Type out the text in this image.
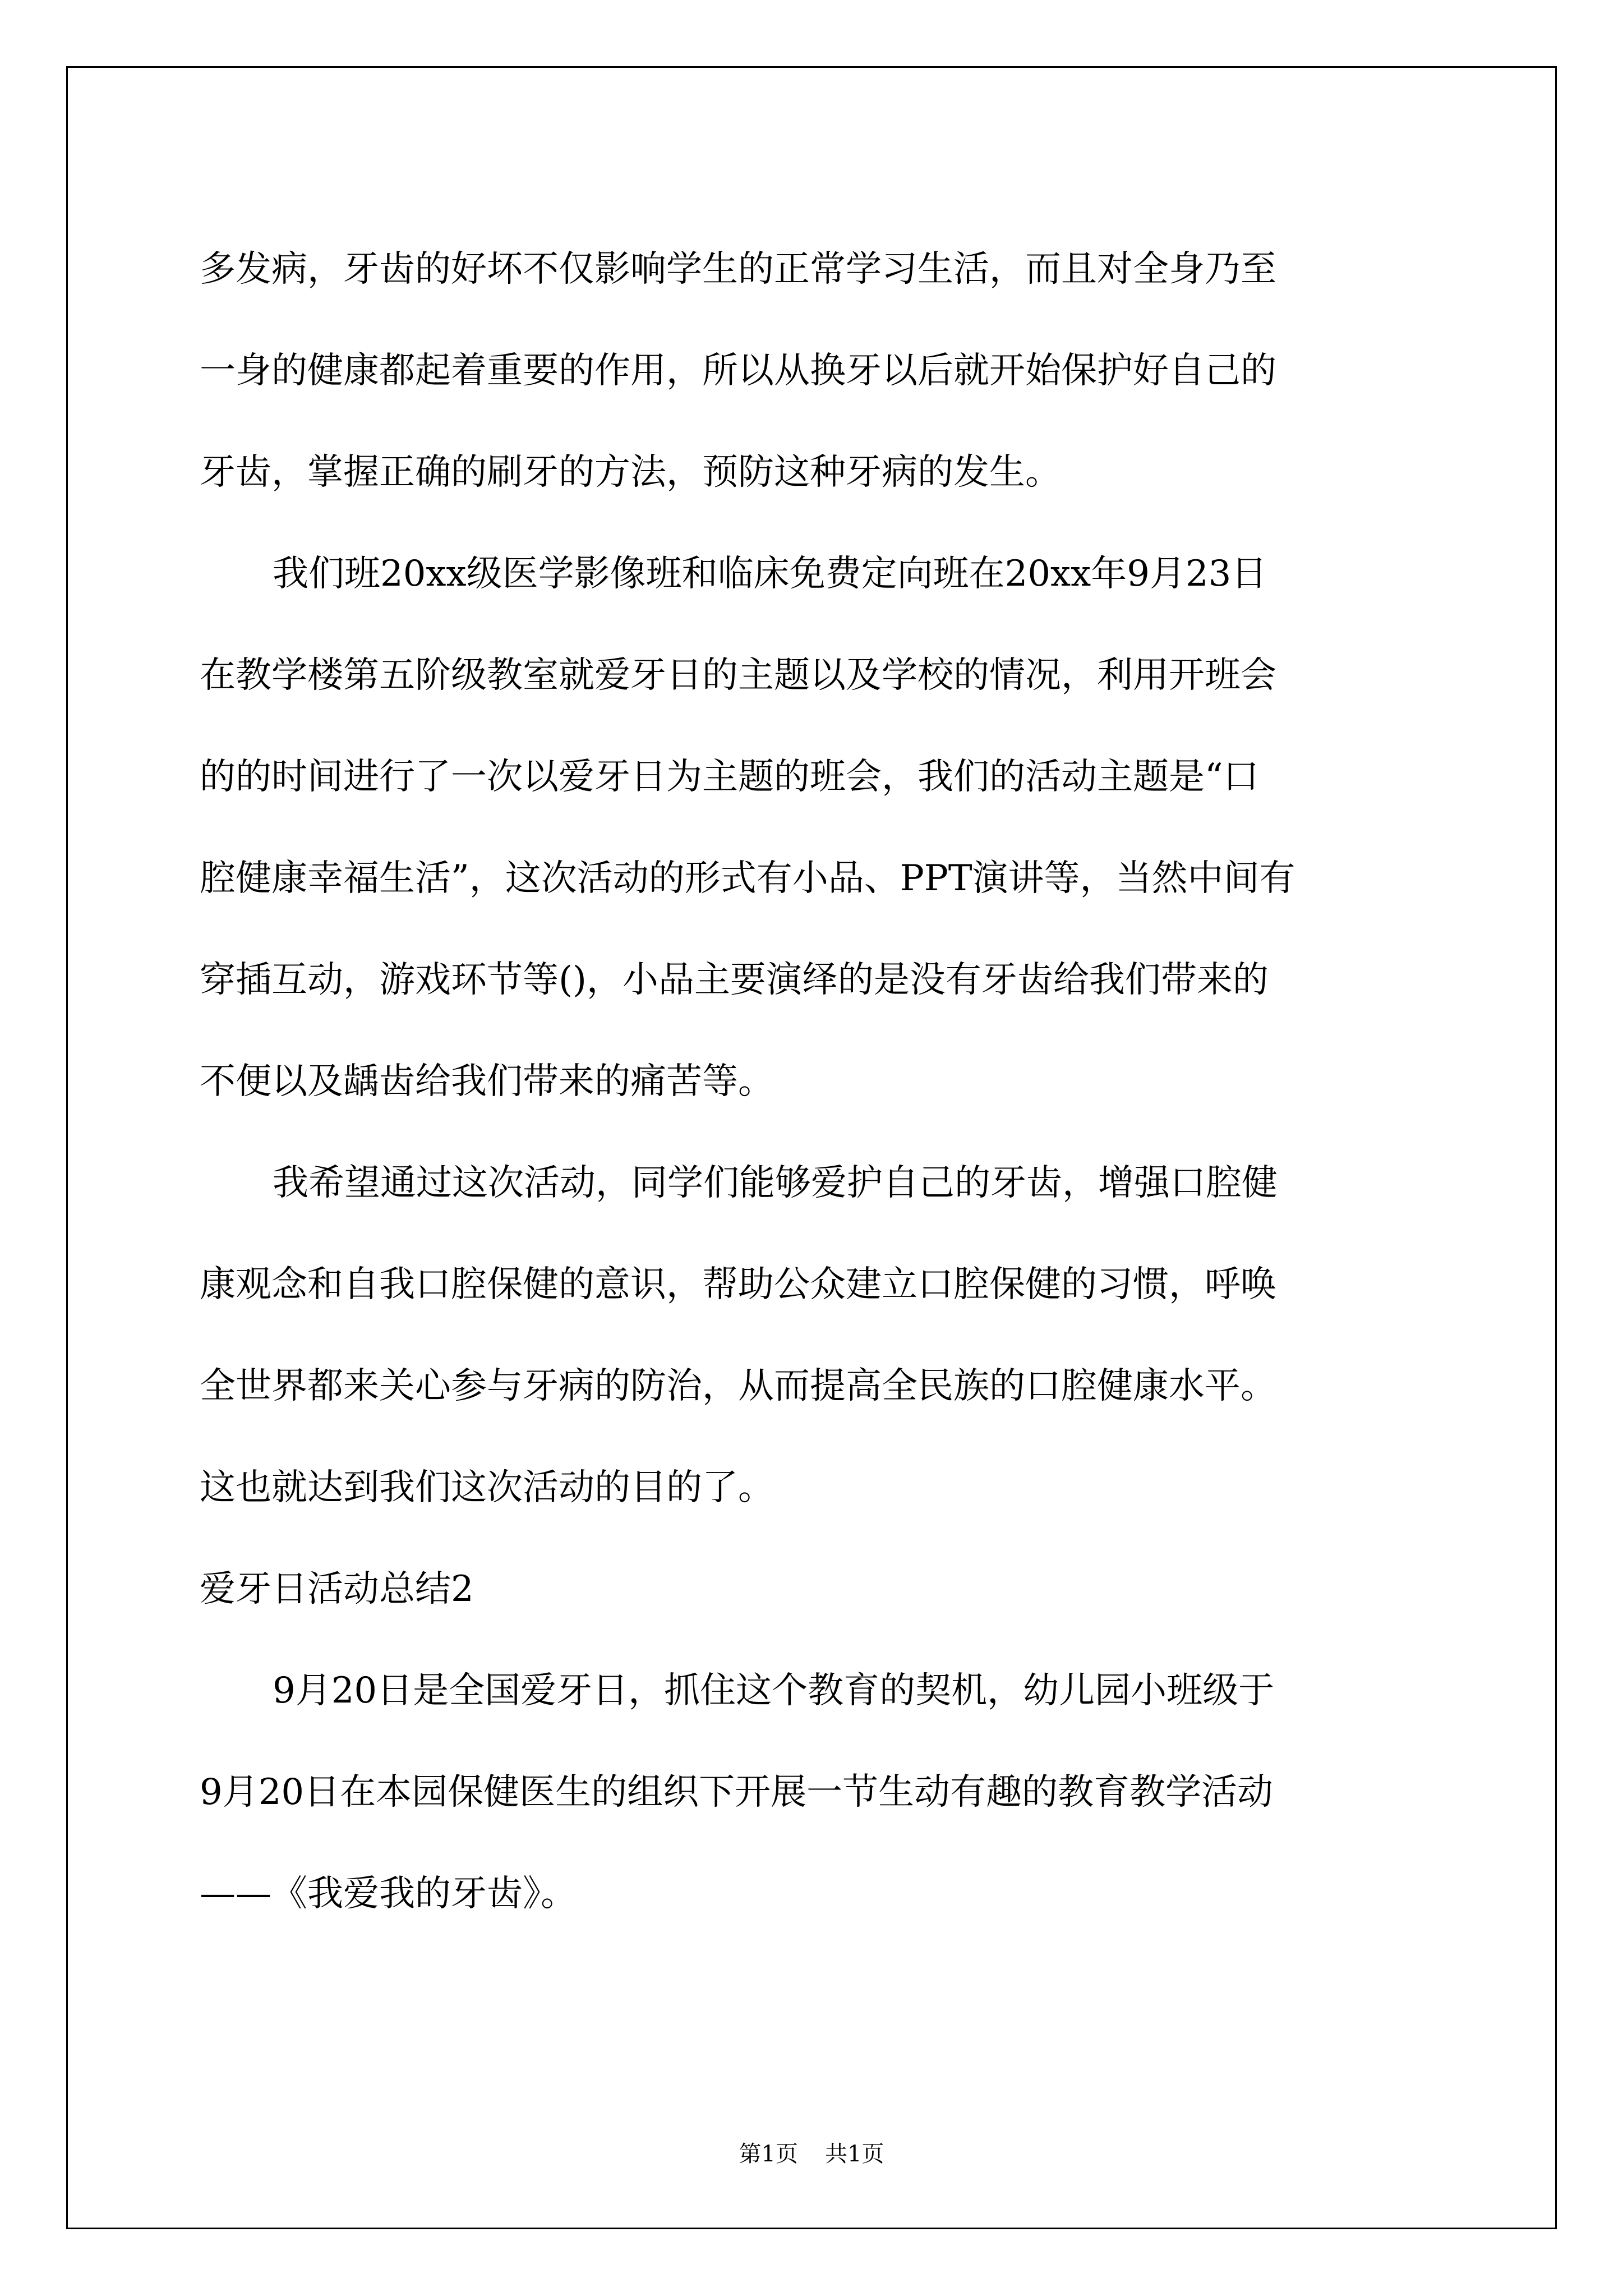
多发病，牙齿的好坏不仅影响学生的正常学习生活，而且对全身乃至
一身的健康都起着重要的作用，所以从换牙以后就开始保护好自己的
牙齿，掌握正确的刷牙的方法，预防这种牙病的发生。
我们班20xx级医学影像班和临床免费定向班在20xx年9月23日
在教学楼第五阶级教室就爱牙日的主题以及学校的情况，利用开班会
的的时间进行了一次以爱牙日为主题的班会，我们的活动主题是“口
腔健康幸福生活”，这次活动的形式有小品、PPT演讲等，当然中间有
穿插互动，游戏环节等()，小品主要演绎的是没有牙齿给我们带来的
不便以及龋齿给我们带来的痛苦等。
我希望通过这次活动，同学们能够爱护自己的牙齿，增强口腔健
康观念和自我口腔保健的意识，帮助公众建立口腔保健的习惯，呼唤
全世界都来关心参与牙病的防治，从而提高全民族的口腔健康水平。
这也就达到我们这次活动的目的了。
爱牙日活动总结2
9月20日是全国爱牙日，抓住这个教育的契机，幼儿园小班级于
9月20日在本园保健医生的组织下开展一节生动有趣的教育教学活动
——《我爱我的牙齿》。
第1页 共1页
